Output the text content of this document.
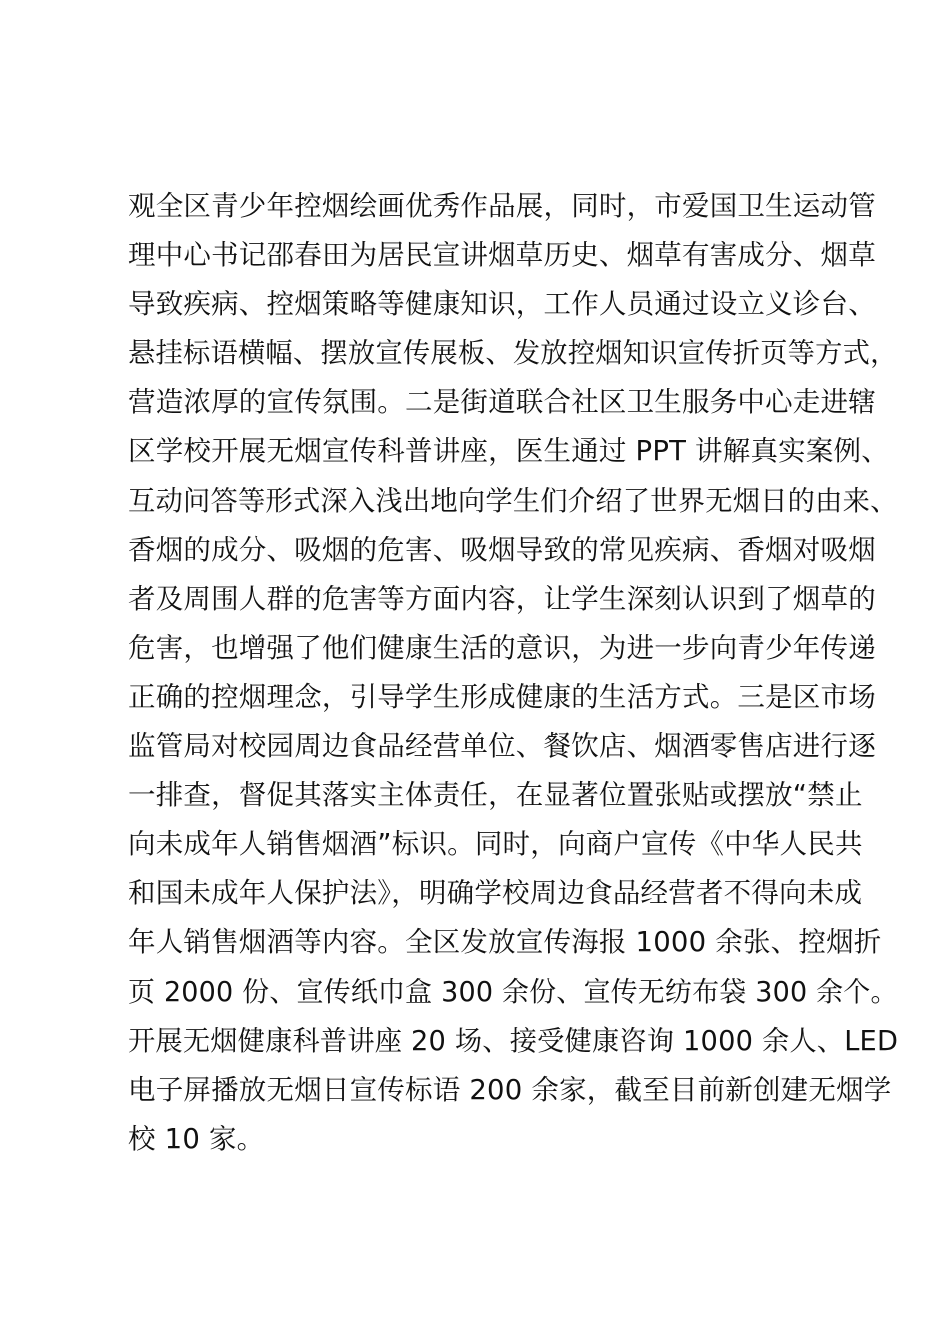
观全区青少年控烟绘画优秀作品展，同时，市爱国卫生运动管
理中心书记邵春田为居民宣讲烟草历史、烟草有害成分、烟草
导致疾病、控烟策略等健康知识，工作人员通过设立义诊台、
悬挂标语横幅、摆放宣传展板、发放控烟知识宣传折页等方式，
营造浓厚的宣传氛围。二是街道联合社区卫生服务中心走进辖
区学校开展无烟宣传科普讲座，医生通过 PPT 讲解真实案例、
互动问答等形式深入浅出地向学生们介绍了世界无烟日的由来、
香烟的成分、吸烟的危害、吸烟导致的常见疾病、香烟对吸烟
者及周围人群的危害等方面内容，让学生深刻认识到了烟草的
危害，也增强了他们健康生活的意识，为进一步向青少年传递
正确的控烟理念，引导学生形成健康的生活方式。三是区市场
监管局对校园周边食品经营单位、餐饮店、烟酒零售店进行逐
一排查，督促其落实主体责任，在显著位置张贴或摆放“禁止
向未成年人销售烟酒”标识。同时，向商户宣传《中华人民共
和国未成年人保护法》，明确学校周边食品经营者不得向未成
年人销售烟酒等内容。全区发放宣传海报 1000 余张、控烟折
页 2000 份、宣传纸巾盒 300 余份、宣传无纺布袋 300 余个。
开展无烟健康科普讲座 20 场、接受健康咨询 1000 余人、LED
电子屏播放无烟日宣传标语 200 余家，截至目前新创建无烟学
校 10 家。
